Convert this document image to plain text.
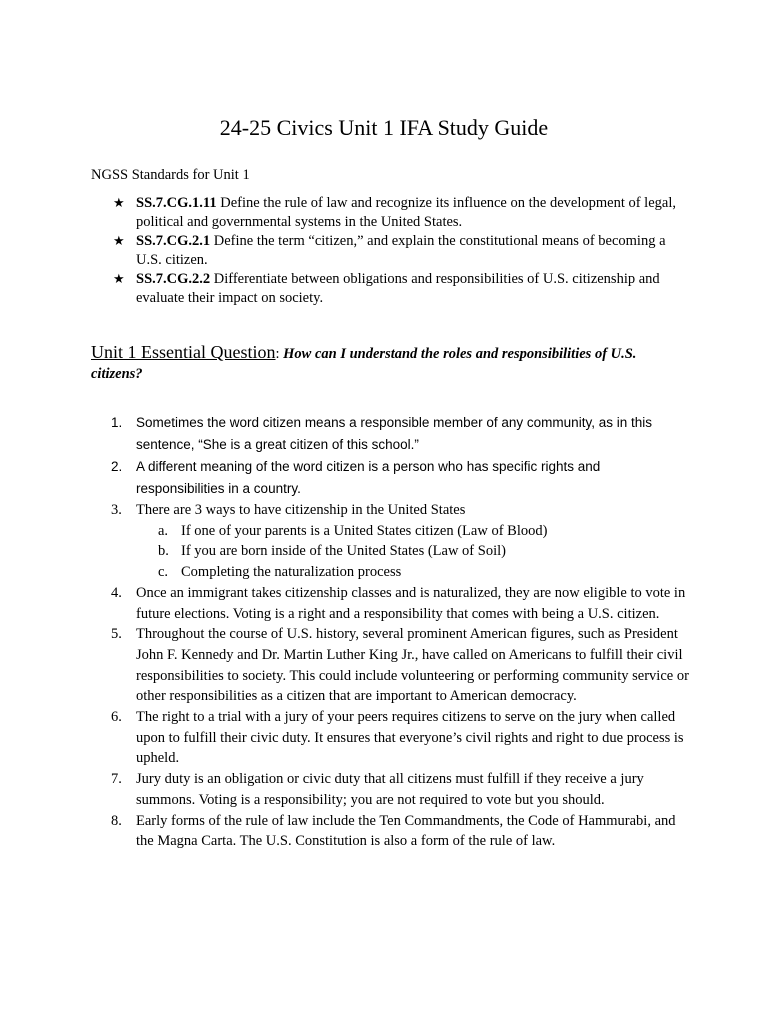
24-25 Civics Unit 1 IFA Study Guide
NGSS Standards for Unit 1
★ SS.7.CG.1.11 Define the rule of law and recognize its influence on the development of legal, political and governmental systems in the United States.
★ SS.7.CG.2.1 Define the term “citizen,” and explain the constitutional means of becoming a U.S. citizen.
★ SS.7.CG.2.2 Differentiate between obligations and responsibilities of U.S. citizenship and evaluate their impact on society.
Unit 1 Essential Question: How can I understand the roles and responsibilities of U.S. citizens?
1. Sometimes the word citizen means a responsible member of any community, as in this sentence, “She is a great citizen of this school.”
2. A different meaning of the word citizen is a person who has specific rights and responsibilities in a country.
3. There are 3 ways to have citizenship in the United States
a. If one of your parents is a United States citizen (Law of Blood)
b. If you are born inside of the United States (Law of Soil)
c. Completing the naturalization process
4. Once an immigrant takes citizenship classes and is naturalized, they are now eligible to vote in future elections. Voting is a right and a responsibility that comes with being a U.S. citizen.
5. Throughout the course of U.S. history, several prominent American figures, such as President John F. Kennedy and Dr. Martin Luther King Jr., have called on Americans to fulfill their civil responsibilities to society. This could include volunteering or performing community service or other responsibilities as a citizen that are important to American democracy.
6. The right to a trial with a jury of your peers requires citizens to serve on the jury when called upon to fulfill their civic duty. It ensures that everyone’s civil rights and right to due process is upheld.
7. Jury duty is an obligation or civic duty that all citizens must fulfill if they receive a jury summons. Voting is a responsibility; you are not required to vote but you should.
8. Early forms of the rule of law include the Ten Commandments, the Code of Hammurabi, and the Magna Carta. The U.S. Constitution is also a form of the rule of law.
